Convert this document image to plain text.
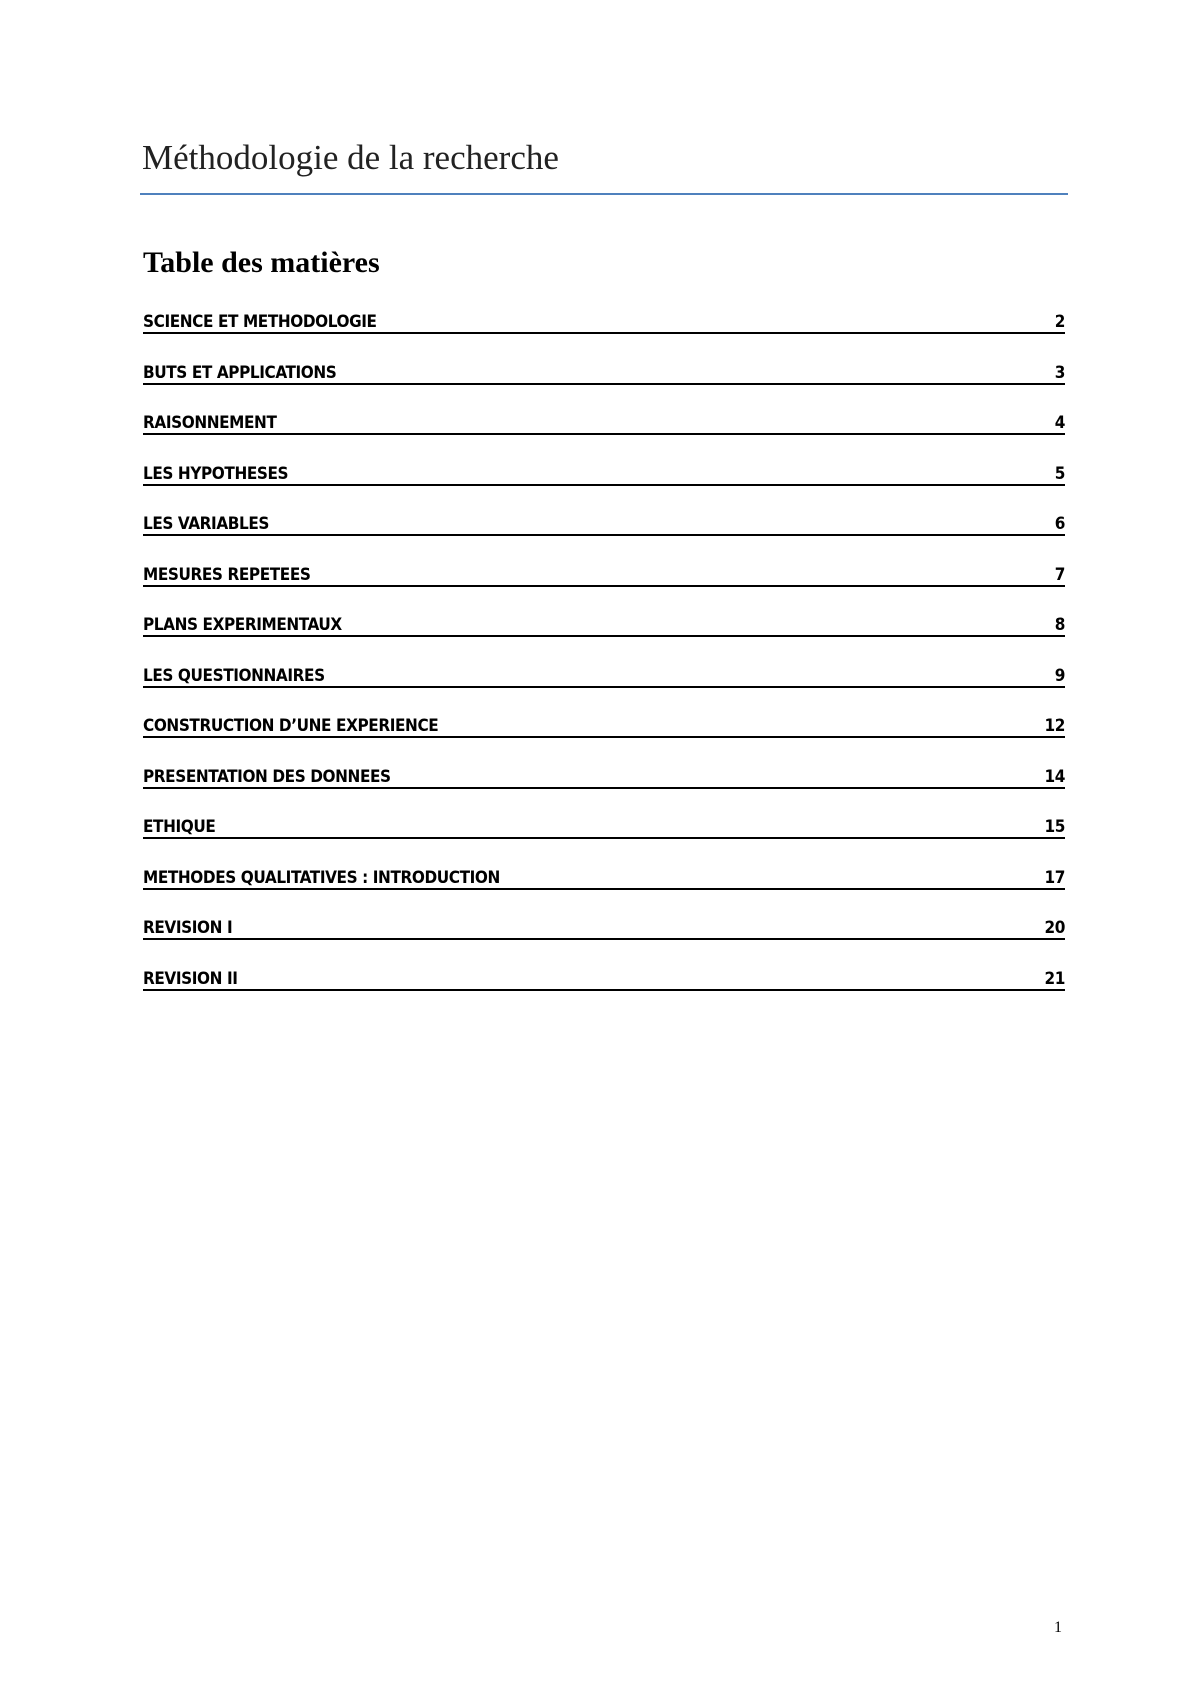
Méthodologie de la recherche
Table des matières
SCIENCE ET METHODOLOGIE	2
BUTS ET APPLICATIONS	3
RAISONNEMENT	4
LES HYPOTHESES	5
LES VARIABLES	6
MESURES REPETEES	7
PLANS EXPERIMENTAUX	8
LES QUESTIONNAIRES	9
CONSTRUCTION D’UNE EXPERIENCE	12
PRESENTATION DES DONNEES	14
ETHIQUE	15
METHODES QUALITATIVES : INTRODUCTION	17
REVISION I	20
REVISION II	21
1
